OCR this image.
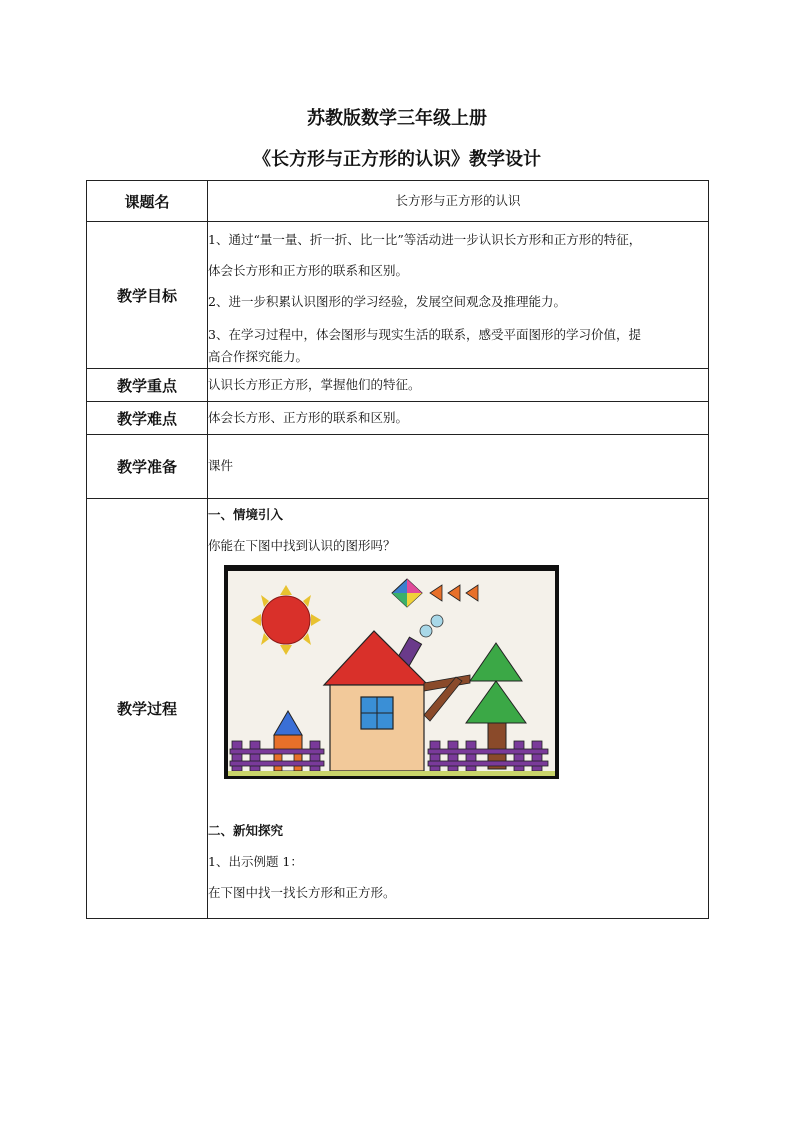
苏教版数学三年级上册
《长方形与正方形的认识》教学设计
课题名	长方形与正方形的认识
教学目标	1、通过“量一量、折一折、比一比”等活动进一步认识长方形和正方形的特征，

体会长方形和正方形的联系和区别。

2、进一步积累认识图形的学习经验，发展空间观念及推理能力。

3、在学习过程中，体会图形与现实生活的联系，感受平面图形的学习价值，提

高合作探究能力。

教学重点	认识长方形正方形，掌握他们的特征。
教学难点	体会长方形、正方形的联系和区别。
教学准备	课件
教学过程	一、情境引入

你能在下图中找到认识的图形吗？

二、新知探究

1、出示例题 1：

在下图中找一找长方形和正方形。
